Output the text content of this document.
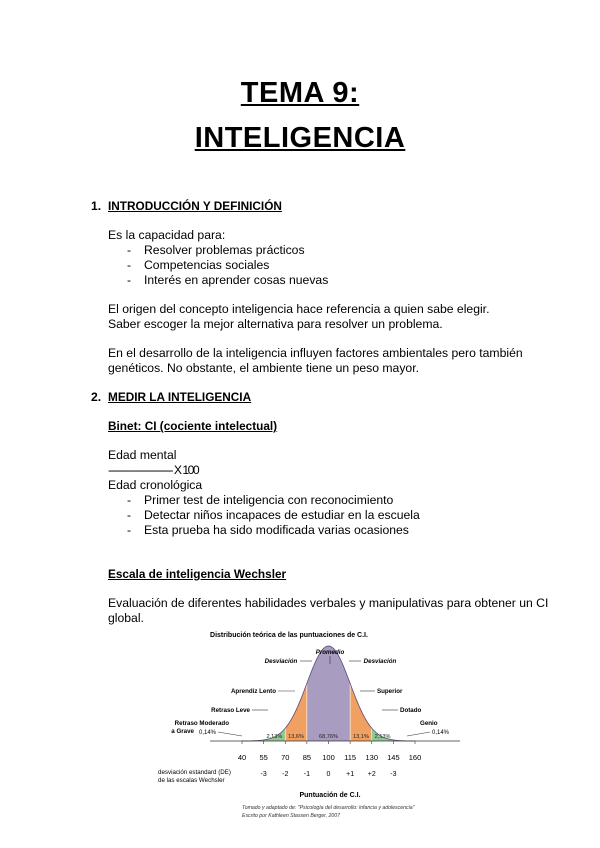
TEMA 9:
INTELIGENCIA
1. INTRODUCCIÓN Y DEFINICIÓN
Es la capacidad para:
- Resolver problemas prácticos
- Competencias sociales
- Interés en aprender cosas nuevas
El origen del concepto inteligencia hace referencia a quien sabe elegir.
Saber escoger la mejor alternativa para resolver un problema.
En el desarrollo de la inteligencia influyen factores ambientales pero también
genéticos. No obstante, el ambiente tiene un peso mayor.
2. MEDIR LA INTELIGENCIA
Binet: CI (cociente intelectual)
Edad mental
------------------------- X 100
Edad cronológica
- Primer test de inteligencia con reconocimiento
- Detectar niños incapaces de estudiar en la escuela
- Esta prueba ha sido modificada varias ocasiones
Escala de inteligencia Wechsler
Evaluación de diferentes habilidades verbales y manipulativas para obtener un CI
global.
2,13% 13,6%	68,76%	13,1% 2,13%
40 55 70 85 100 115 130 145 160
-3 -2 -1 0 +1 +2 -3
Distribución teórica de las puntuaciones de C.I.
Promedio
Desviación	Desviación
Aprendiz Lento	Superior
Retraso Leve	Dotado
Retraso Moderado
a Grave 0,14%
Genio
0,14%
desviación estandard (DE)
de las escalas Wechsler
Puntuación de C.I.
Tomado y adaptado de: "Psicología del desarrollo: infancia y adolescencia"
Escrito por Kathleen Stassen Berger, 2007
